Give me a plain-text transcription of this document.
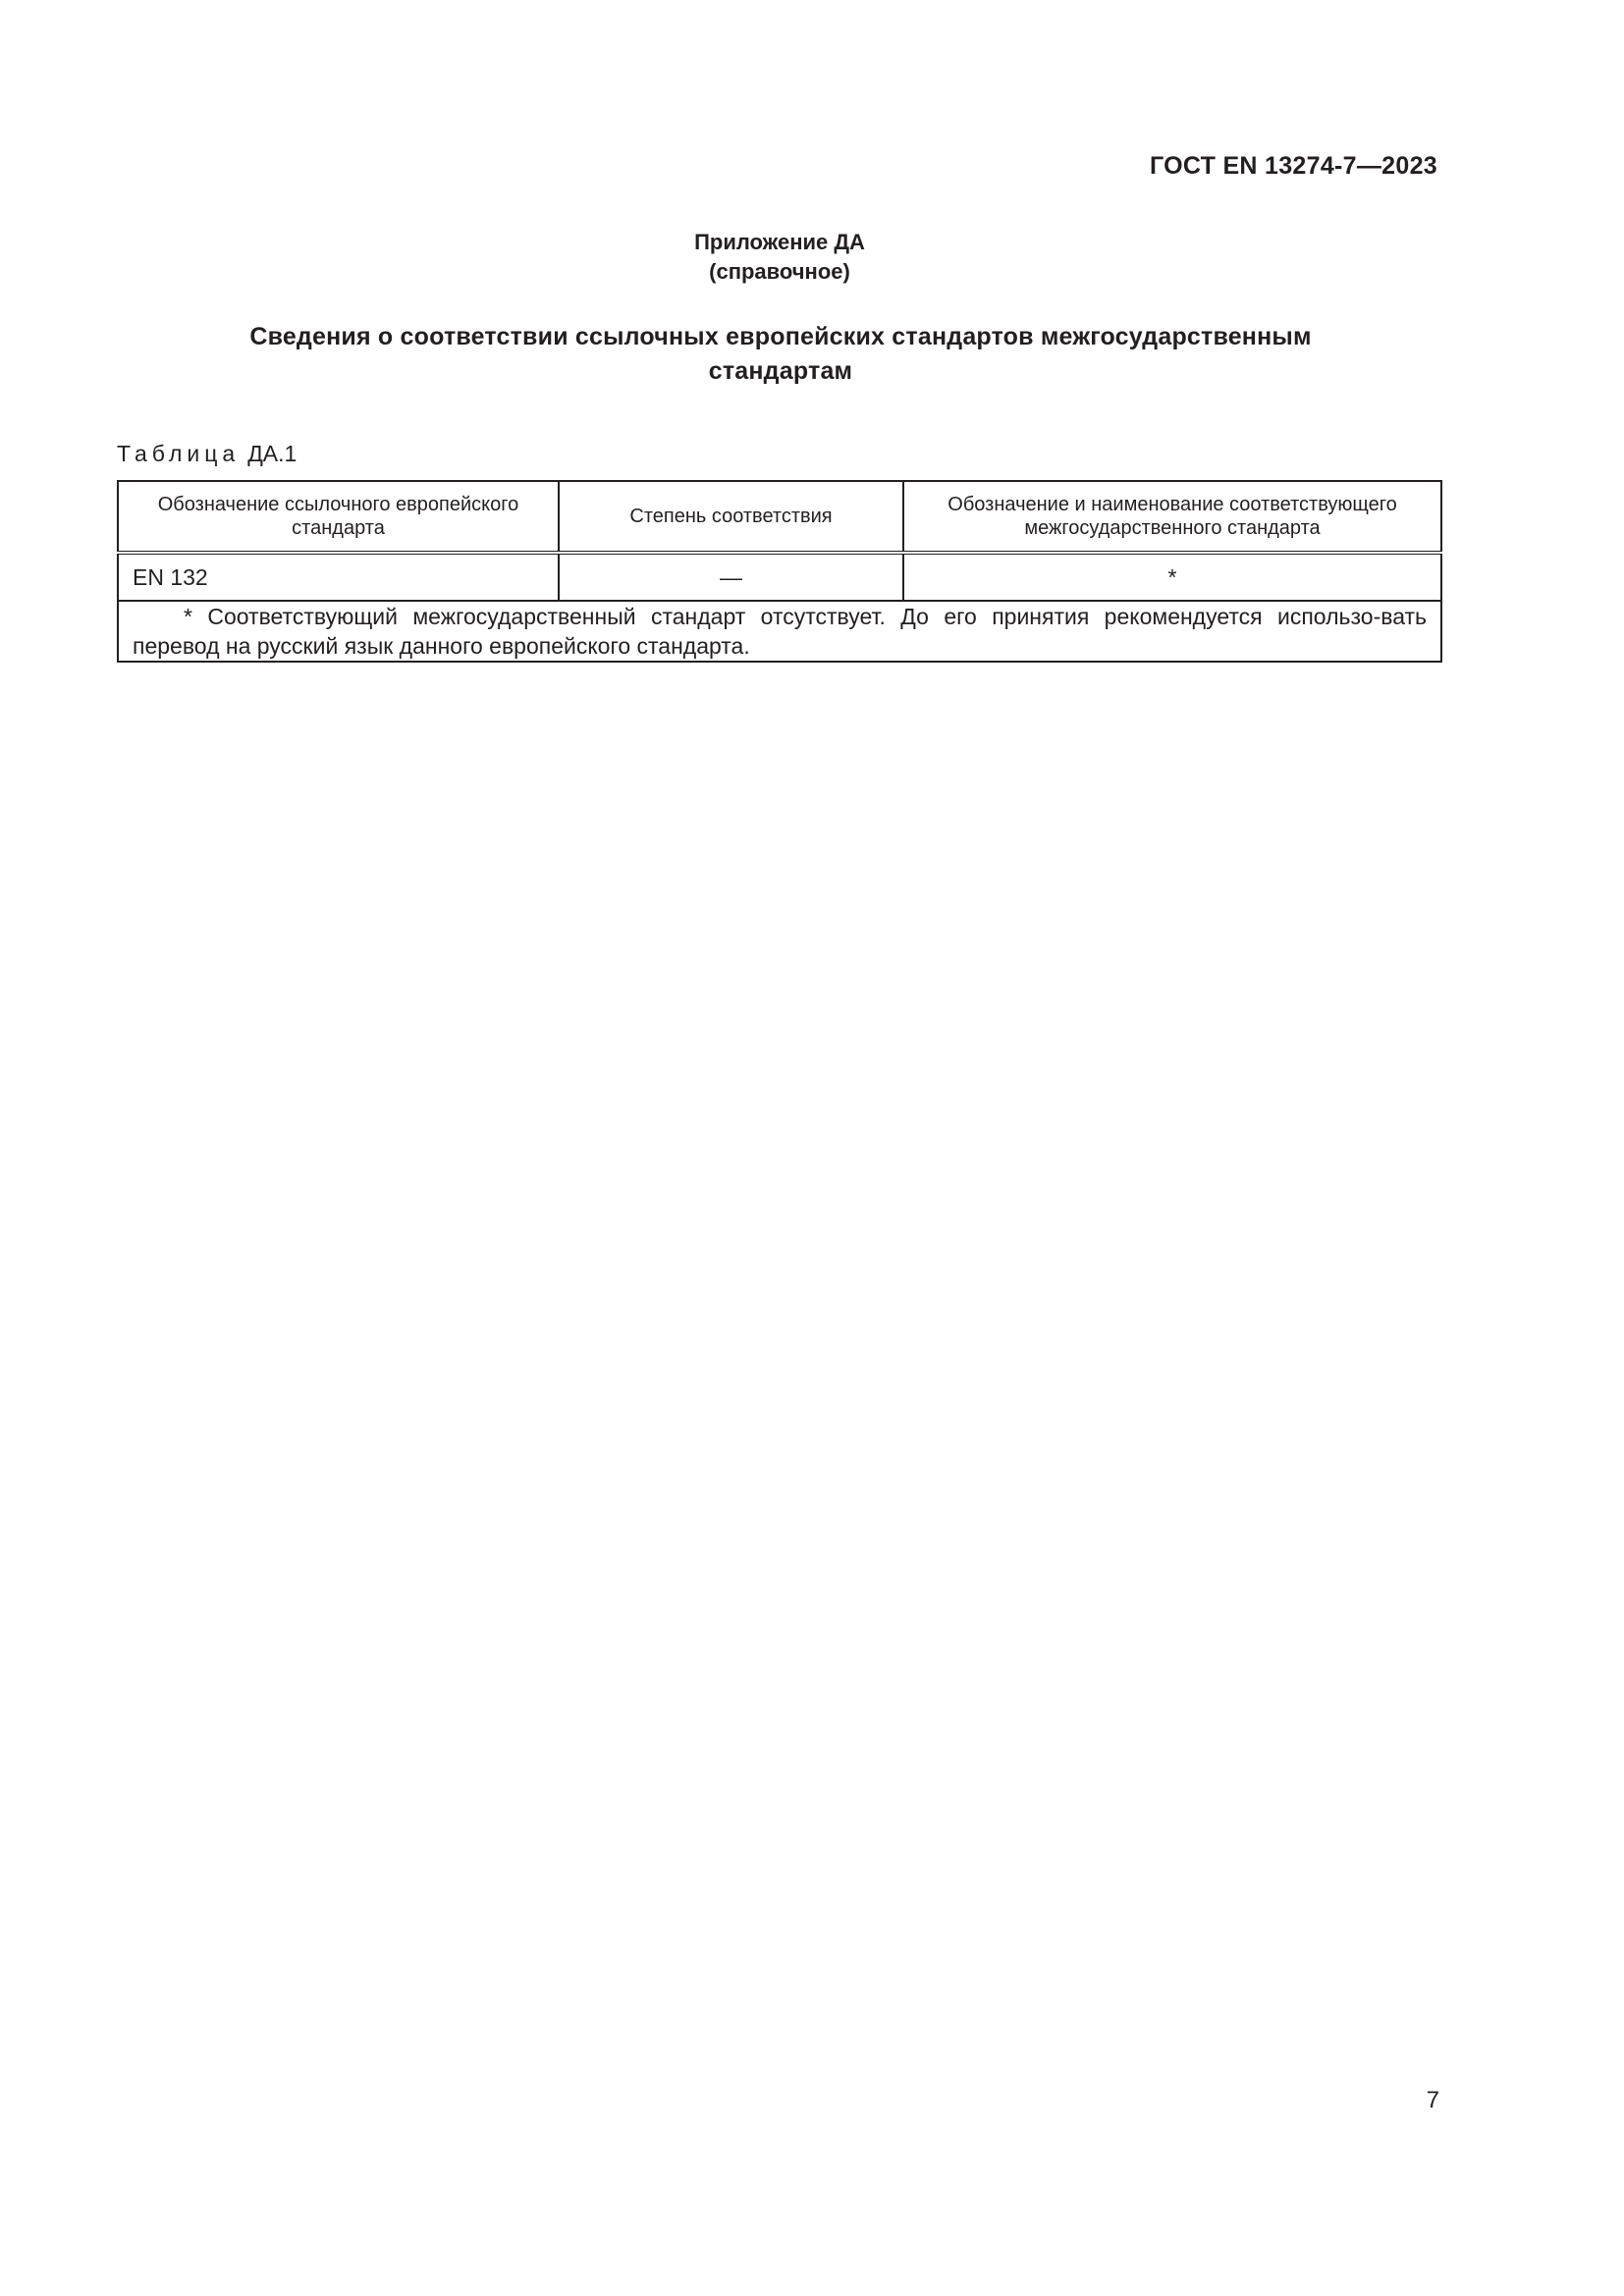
ГОСТ EN 13274-7—2023
Приложение ДА
(справочное)
Сведения о соответствии ссылочных европейских стандартов межгосударственным
стандартам
Таблица ДА.1
Обозначение ссылочного европейского стандарта	Степень соответствия	Обозначение и наименование соответствующего межгосударственного стандарта
EN 132	—	*
* Соответствующий межгосударственный стандарт отсутствует. До его принятия рекомендуется использо-вать перевод на русский язык данного европейского стандарта.		
7
